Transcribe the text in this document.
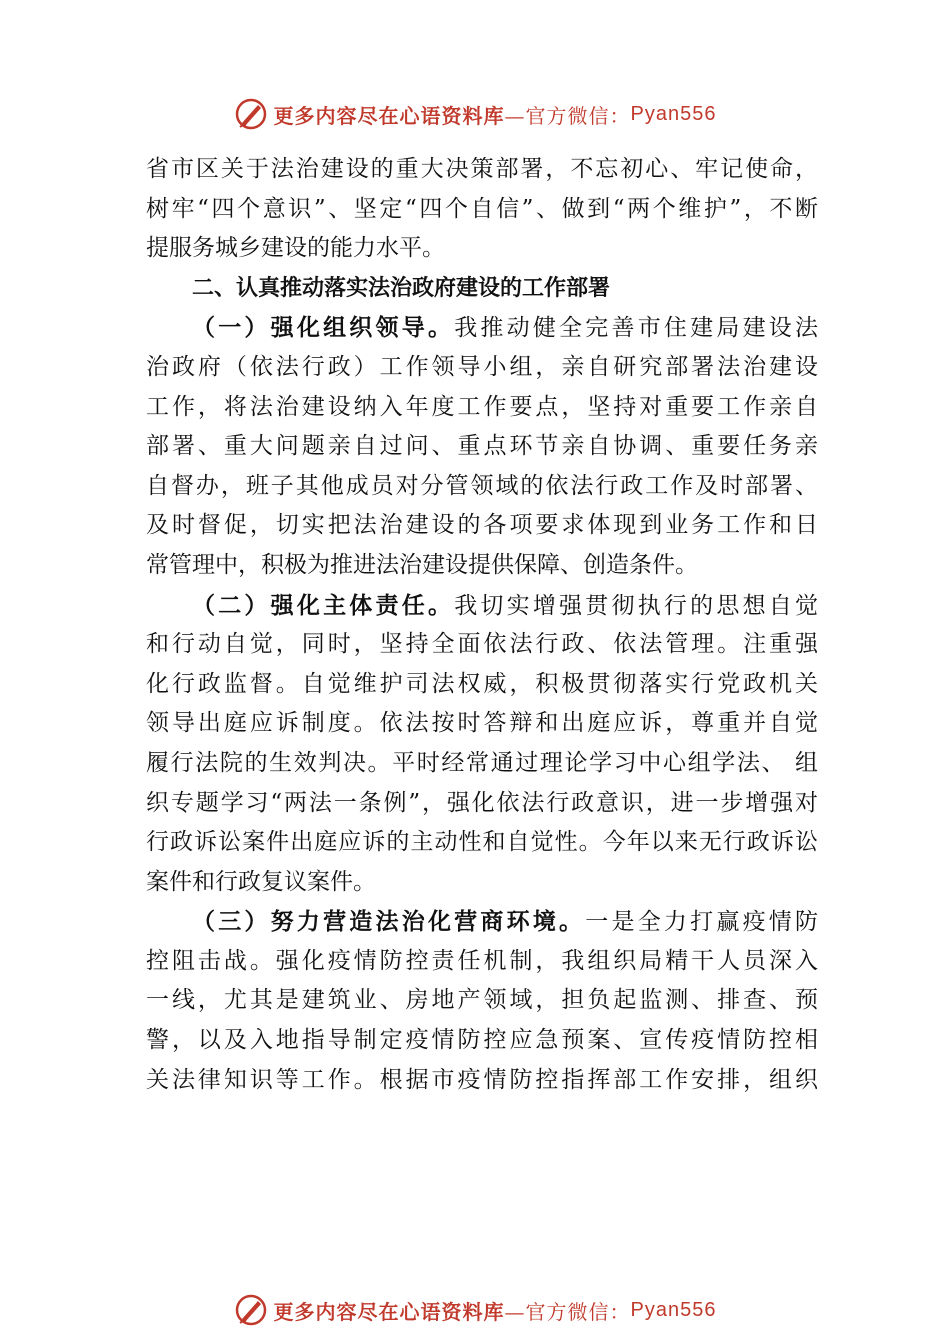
更多内容尽在心语资料库 —官方微信： Pyan556
省市区关于法治建设的重大决策部署，不忘初心、牢记使命，
树牢“四个意识”、坚定“四个自信”、做到“两个维护”，不断
提服务城乡建设的能力水平。
二、认真推动落实法治政府建设的工作部署
（一）强化组织领导。我推动健全完善市住建局建设法
治政府（依法行政）工作领导小组，亲自研究部署法治建设
工作，将法治建设纳入年度工作要点，坚持对重要工作亲自
部署、重大问题亲自过问、重点环节亲自协调、重要任务亲
自督办，班子其他成员对分管领域的依法行政工作及时部署、
及时督促，切实把法治建设的各项要求体现到业务工作和日
常管理中，积极为推进法治建设提供保障、创造条件。
（二）强化主体责任。我切实增强贯彻执行的思想自觉
和行动自觉，同时，坚持全面依法行政、依法管理。注重强
化行政监督。自觉维护司法权威，积极贯彻落实行党政机关
领导出庭应诉制度。依法按时答辩和出庭应诉，尊重并自觉
履行法院的生效判决。平时经常通过理论学习中心组学法、 组
织专题学习“两法一条例”，强化依法行政意识，进一步增强对
行政诉讼案件出庭应诉的主动性和自觉性。今年以来无行政诉讼
案件和行政复议案件。
（三）努力营造法治化营商环境。一是全力打赢疫情防
控阻击战。强化疫情防控责任机制，我组织局精干人员深入
一线，尤其是建筑业、房地产领域，担负起监测、排查、预
警，以及入地指导制定疫情防控应急预案、宣传疫情防控相
关法律知识等工作。根据市疫情防控指挥部工作安排，组织
更多内容尽在心语资料库 —官方微信： Pyan556
